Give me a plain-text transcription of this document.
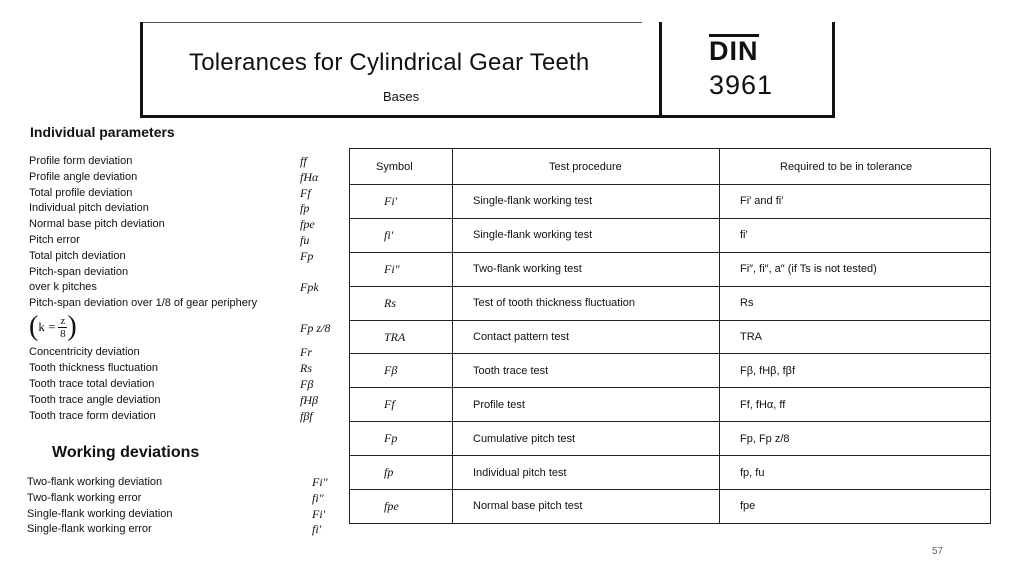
Tolerances for Cylindrical Gear Teeth
Bases
DIN
3961
Individual parameters
Profile form deviation	ff
Profile angle deviation	fHα
Total profile deviation	Ff
Individual pitch deviation	fp
Normal base pitch deviation	fpe
Pitch error	fu
Total pitch deviation	Fp
Pitch-span deviation
over k pitches	Fpk
Pitch-span deviation over 1/8 of gear periphery
( $k = \frac{z}{8}$ )	Fp z/8
Concentricity deviation	Fr
Tooth thickness fluctuation	Rs
Tooth trace total deviation	Fβ
Tooth trace angle deviation	fHβ
Tooth trace form deviation	fβf
Working deviations
Two-flank working deviation	Fi″
Two-flank working error	fi″
Single-flank working deviation	Fi′
Single-flank working error	fi′
Symbol	Test procedure	Required to be in tolerance
Fi′	Single-flank working test	Fi′ and fi′
fi′	Single-flank working test	fi′
Fi″	Two-flank working test	Fi″, fi″, a″ (if Ts is not tested)
Rs	Test of tooth thickness fluctuation	Rs
TRA	Contact pattern test	TRA
Fβ	Tooth trace test	Fβ, fHβ, fβf
Ff	Profile test	Ff, fHα, ff
Fp	Cumulative pitch test	Fp, Fp z/8
fp	Individual pitch test	fp, fu
fpe	Normal base pitch test	fpe
57
